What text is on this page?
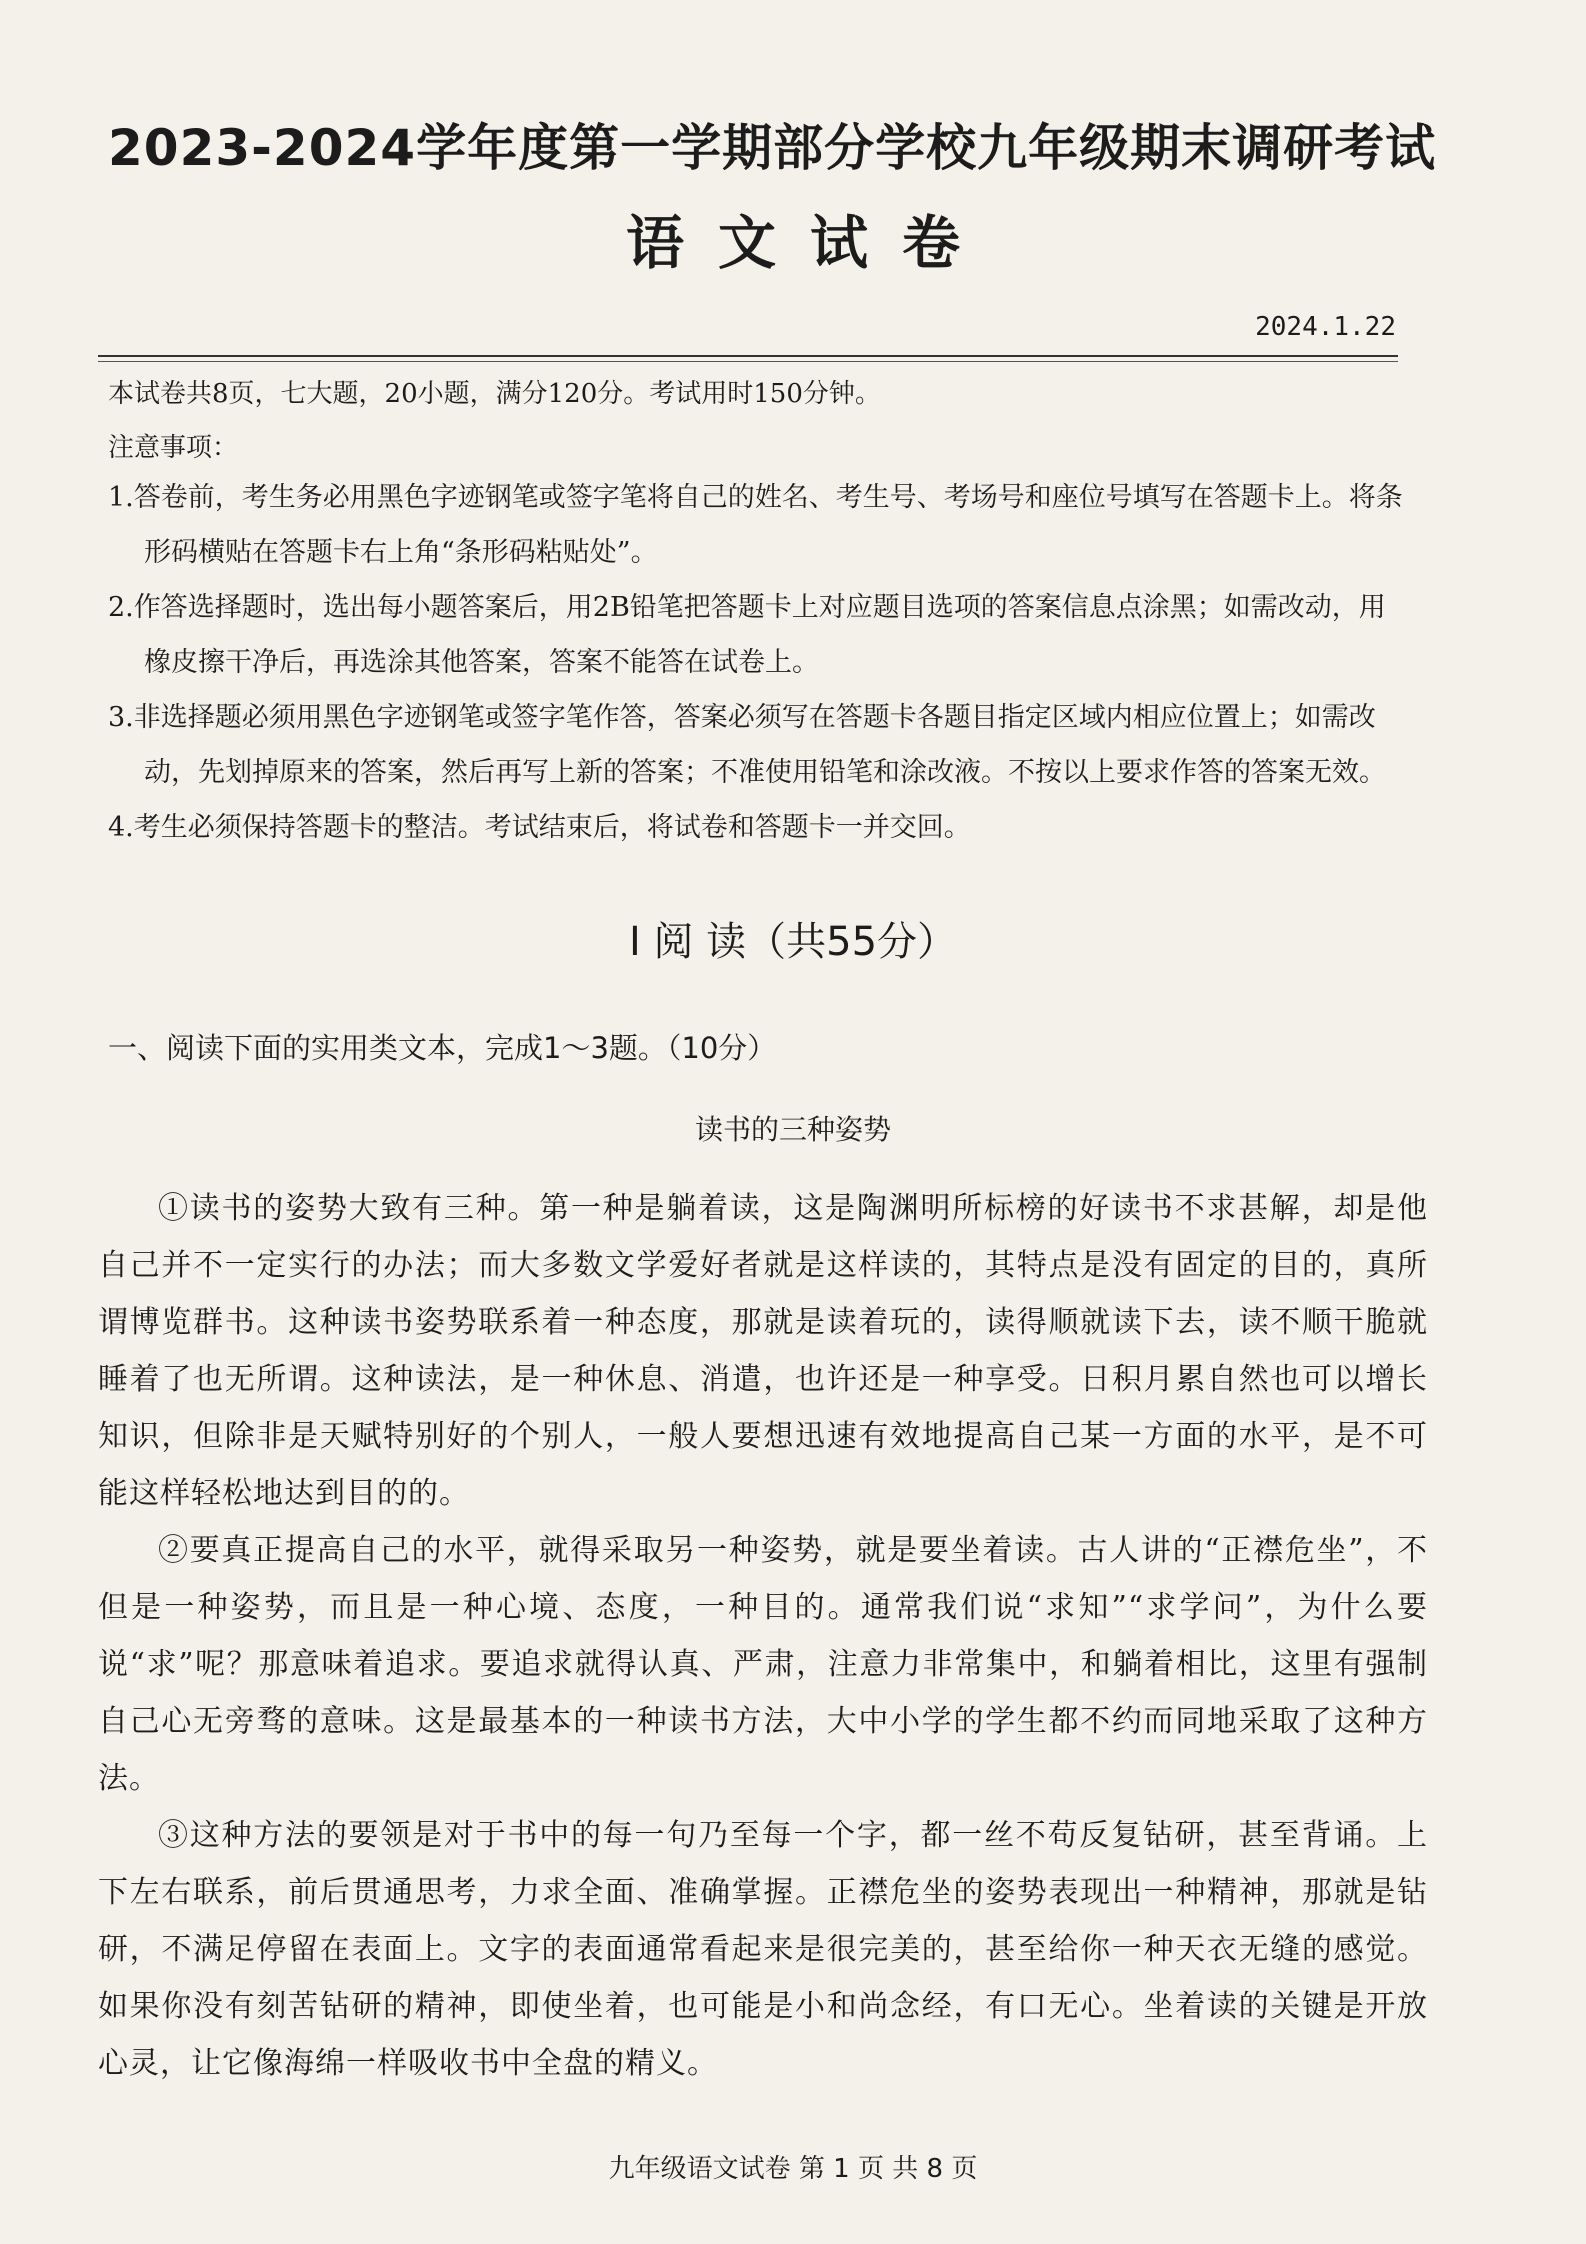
2023-2024学年度第一学期部分学校九年级期末调研考试
语文试卷
2024.1.22
本试卷共8页，七大题，20小题，满分120分。考试用时150分钟。
注意事项：
1.答卷前，考生务必用黑色字迹钢笔或签字笔将自己的姓名、考生号、考场号和座位号填写在答题卡上。将条形码横贴在答题卡右上角“条形码粘贴处”。
2.作答选择题时，选出每小题答案后，用2B铅笔把答题卡上对应题目选项的答案信息点涂黑；如需改动，用橡皮擦干净后，再选涂其他答案，答案不能答在试卷上。
3.非选择题必须用黑色字迹钢笔或签字笔作答，答案必须写在答题卡各题目指定区域内相应位置上；如需改动，先划掉原来的答案，然后再写上新的答案；不准使用铅笔和涂改液。不按以上要求作答的答案无效。
4.考生必须保持答题卡的整洁。考试结束后，将试卷和答题卡一并交回。
Ⅰ 阅 读（共55分）
一、阅读下面的实用类文本，完成1～3题。（10分）
读书的三种姿势

①读书的姿势大致有三种。第一种是躺着读，这是陶渊明所标榜的好读书不求甚解，却是他自己并不一定实行的办法；而大多数文学爱好者就是这样读的，其特点是没有固定的目的，真所谓博览群书。这种读书姿势联系着一种态度，那就是读着玩的，读得顺就读下去，读不顺干脆就睡着了也无所谓。这种读法，是一种休息、消遣，也许还是一种享受。日积月累自然也可以增长知识，但除非是天赋特别好的个别人，一般人要想迅速有效地提高自己某一方面的水平，是不可能这样轻松地达到目的的。

②要真正提高自己的水平，就得采取另一种姿势，就是要坐着读。古人讲的“正襟危坐”，不但是一种姿势，而且是一种心境、态度，一种目的。通常我们说“求知”“求学问”，为什么要说“求”呢？那意味着追求。要追求就得认真、严肃，注意力非常集中，和躺着相比，这里有强制自己心无旁骛的意味。这是最基本的一种读书方法，大中小学的学生都不约而同地采取了这种方法。

③这种方法的要领是对于书中的每一句乃至每一个字，都一丝不苟反复钻研，甚至背诵。上下左右联系，前后贯通思考，力求全面、准确掌握。正襟危坐的姿势表现出一种精神，那就是钻研，不满足停留在表面上。文字的表面通常看起来是很完美的，甚至给你一种天衣无缝的感觉。如果你没有刻苦钻研的精神，即使坐着，也可能是小和尚念经，有口无心。坐着读的关键是开放心灵，让它像海绵一样吸收书中全盘的精义。

九年级语文试卷 第 1 页 共 8 页
